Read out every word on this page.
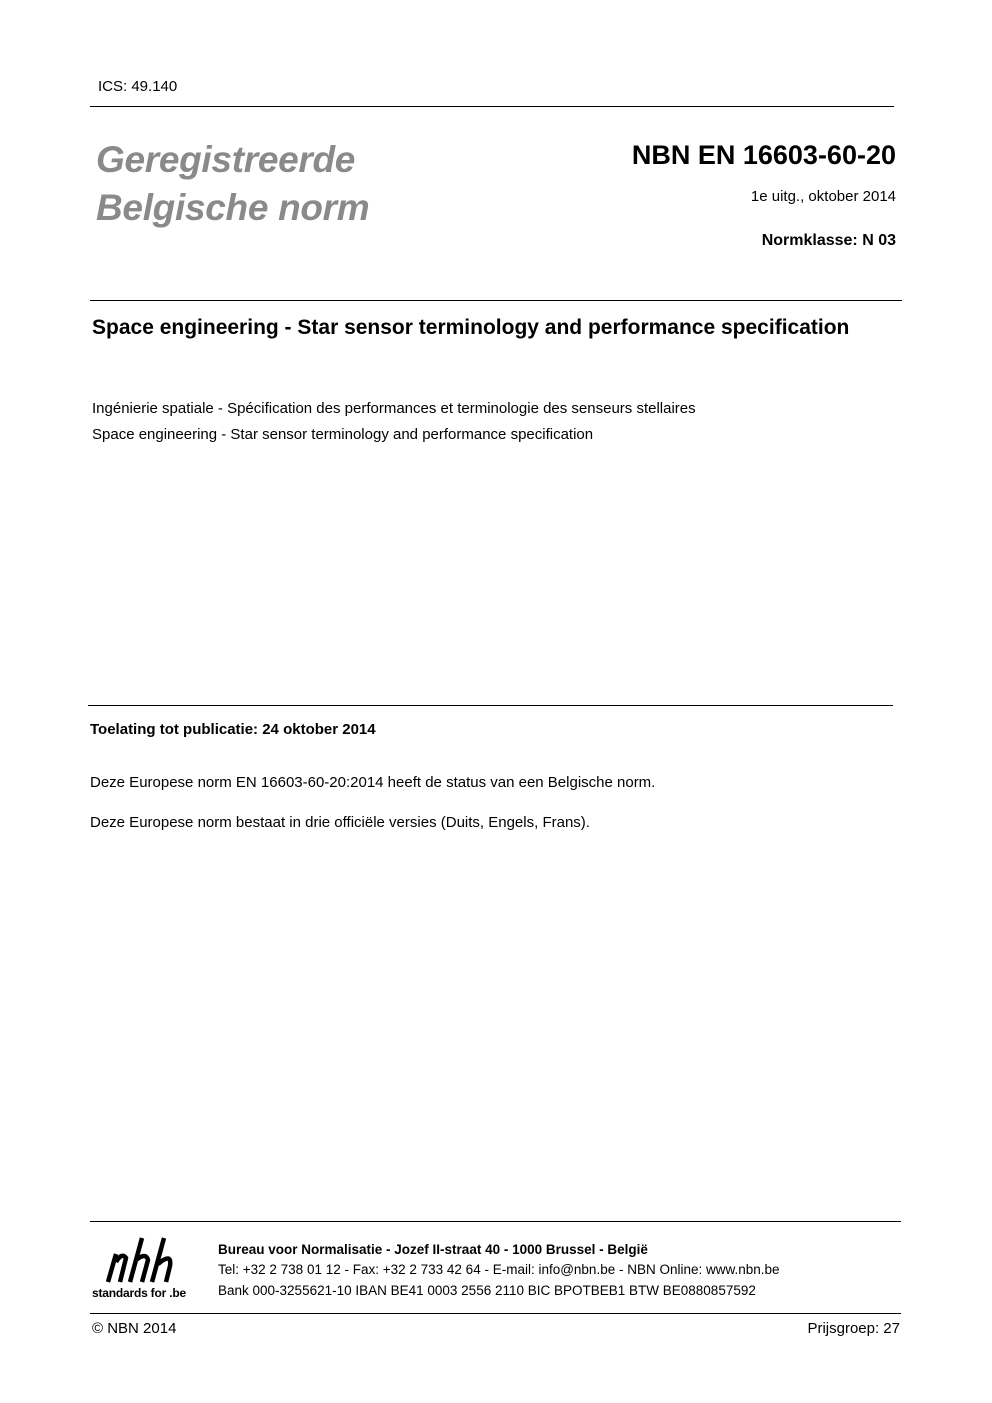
ICS: 49.140
Geregistreerde
Belgische norm
NBN EN 16603-60-20
1e uitg., oktober 2014
Normklasse: N 03
Space engineering - Star sensor terminology and performance specification
Ingénierie spatiale - Spécification des performances et terminologie des senseurs stellaires
Space engineering - Star sensor terminology and performance specification
Toelating tot publicatie: 24 oktober 2014
Deze Europese norm EN 16603-60-20:2014 heeft de status van een Belgische norm.
Deze Europese norm bestaat in drie officiële versies (Duits, Engels, Frans).
standards for .be
Bureau voor Normalisatie - Jozef II-straat 40 - 1000 Brussel - België
Tel: +32 2 738 01 12 - Fax: +32 2 733 42 64 - E-mail: info@nbn.be - NBN Online: www.nbn.be
Bank 000-3255621-10 IBAN BE41 0003 2556 2110 BIC BPOTBEB1 BTW BE0880857592
© NBN 2014	Prijsgroep: 27
